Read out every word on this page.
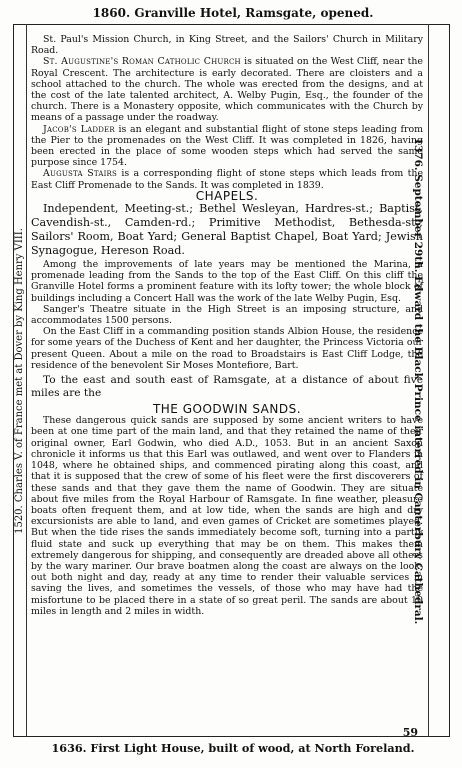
1860. Granville Hotel, Ramsgate, opened.
1520. Charles V. of France met at Dover by King Henry VIII.	1376. September 29th. Edward the Black Prince interred in Canterbury Cathedral.

St. Paul's Mission Church, in King Street, and the Sailors' Church in Military Road.

St. Augustine's Roman Catholic Church is situated on the West Cliff, near the Royal Crescent. The architecture is early decorated. There are cloisters and a school attached to the church. The whole was erected from the designs, and at the cost of the late talented architect, A. Welby Pugin, Esq., the founder of the church. There is a Monastery opposite, which communicates with the Church by means of a passage under the roadway.

Jacob's Ladder is an elegant and substantial flight of stone steps leading from the Pier to the promenades on the West Cliff. It was completed in 1826, having been erected in the place of some wooden steps which had served the same purpose since 1754.

Augusta Stairs is a corresponding flight of stone steps which leads from the East Cliff Promenade to the Sands. It was completed in 1839.

CHAPELS.

Independent, Meeting-st.; Bethel Wesleyan, Hardres-st.; Baptist, Cavendish-st., Camden-rd.; Primitive Methodist, Bethesda-st.; Sailors' Room, Boat Yard; General Baptist Chapel, Boat Yard; Jewish Synagogue, Hereson Road.

Among the improvements of late years may be mentioned the Marina, a promenade leading from the Sands to the top of the East Cliff. On this cliff the Granville Hotel forms a prominent feature with its lofty tower; the whole block of buildings including a Concert Hall was the work of the late Welby Pugin, Esq.

Sanger's Theatre situate in the High Street is an imposing structure, and accommodates 1500 persons.

On the East Cliff in a commanding position stands Albion House, the residence for some years of the Duchess of Kent and her daughter, the Princess Victoria our present Queen. About a mile on the road to Broadstairs is East Cliff Lodge, the residence of the benevolent Sir Moses Montefiore, Bart.

To the east and south east of Ramsgate, at a distance of about five miles are the

THE GOODWIN SANDS.

These dangerous quick sands are supposed by some ancient writers to have been at one time part of the main land, and that they retained the name of their original owner, Earl Godwin, who died A.D., 1053. But in an ancient Saxon chronicle it informs us that this Earl was outlawed, and went over to Flanders in 1048, where he obtained ships, and commenced pirating along this coast, and that it is supposed that the crew of some of his fleet were the first discoverers of these sands and that they gave them the name of Goodwin. They are situate about five miles from the Royal Harbour of Ramsgate. In fine weather, pleasure boats often frequent them, and at low tide, when the sands are high and dry excursionists are able to land, and even games of Cricket are sometimes played. But when the tide rises the sands immediately become soft, turning into a partly fluid state and suck up everything that may be on them. This makes them extremely dangerous for shipping, and consequently are dreaded above all others by the wary mariner. Our brave boatmen along the coast are always on the look-out both night and day, ready at any time to render their valuable services in saving the lives, and sometimes the vessels, of those who may have had the misfortune to be placed there in a state of so great peril. The sands are about 10 miles in length and 2 miles in width.

59
1636. First Light House, built of wood, at North Foreland.
